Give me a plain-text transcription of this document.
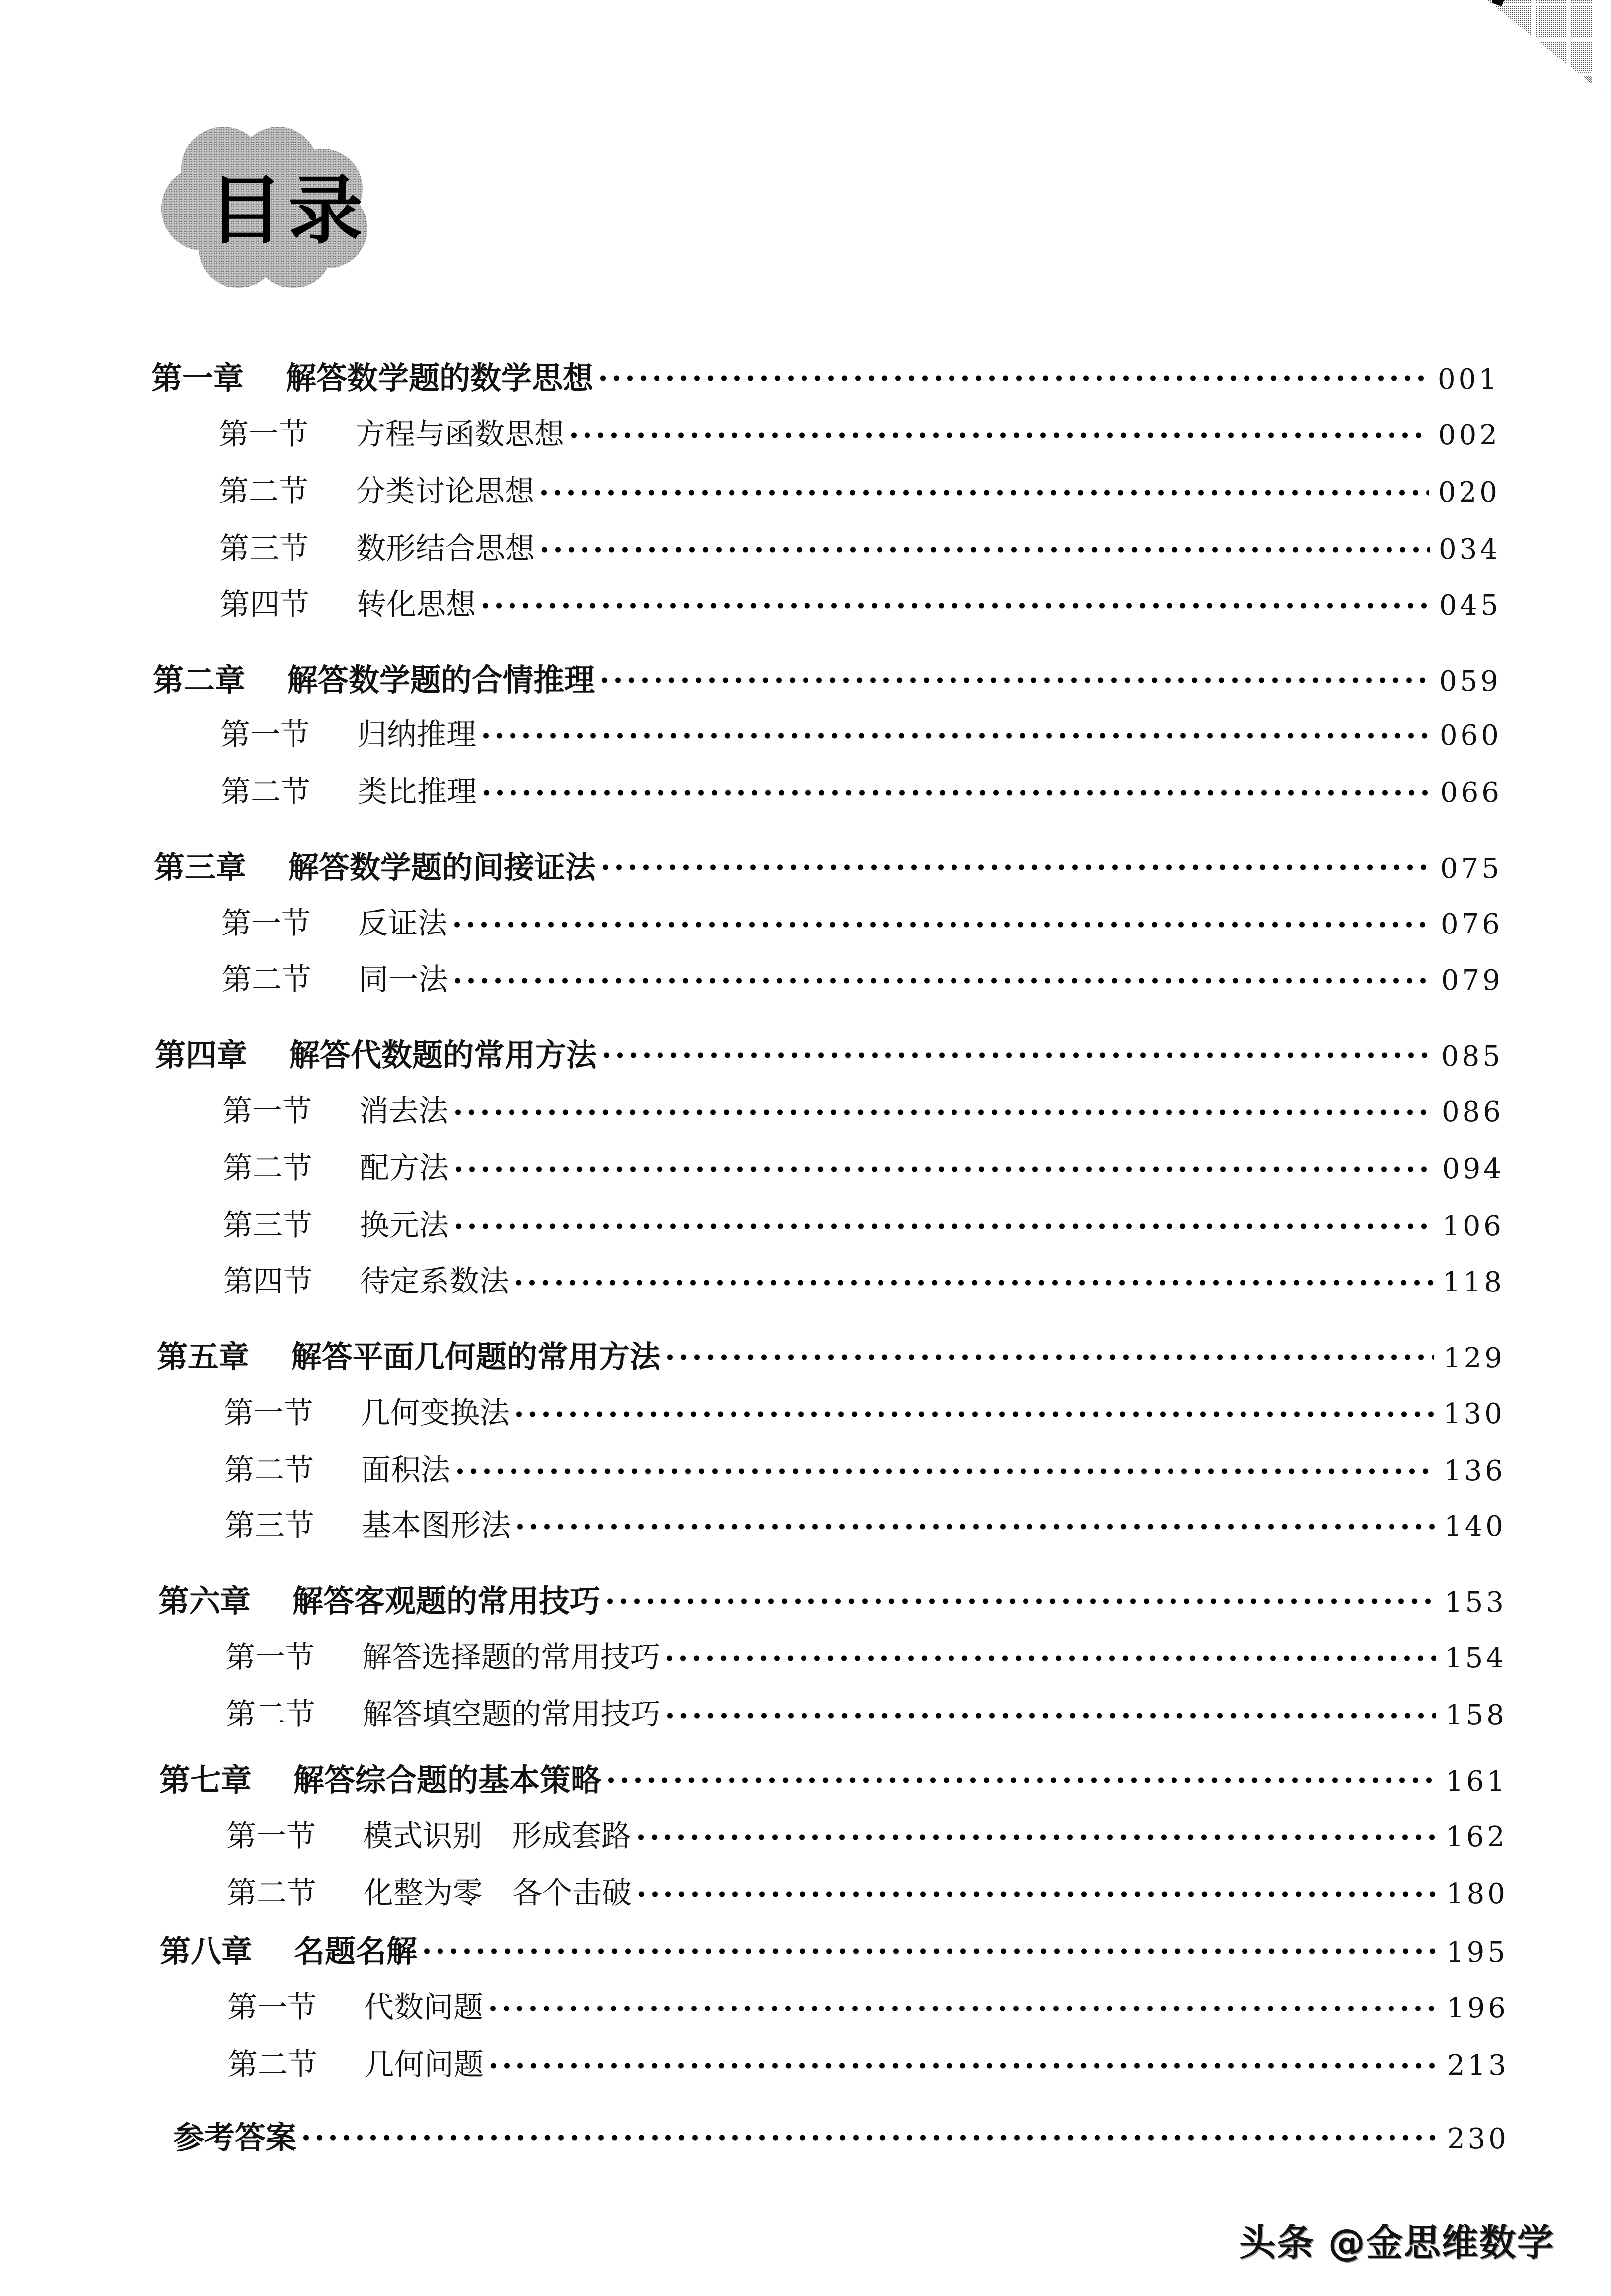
目录
第一章	解答数学题的数学思想	001
第一节	方程与函数思想	002
第二节	分类讨论思想	020
第三节	数形结合思想	034
第四节	转化思想	045
第二章	解答数学题的合情推理	059
第一节	归纳推理	060
第二节	类比推理	066
第三章	解答数学题的间接证法	075
第一节	反证法	076
第二节	同一法	079
第四章	解答代数题的常用方法	085
第一节	消去法	086
第二节	配方法	094
第三节	换元法	106
第四节	待定系数法	118
第五章	解答平面几何题的常用方法	129
第一节	几何变换法	130
第二节	面积法	136
第三节	基本图形法	140
第六章	解答客观题的常用技巧	153
第一节	解答选择题的常用技巧	154
第二节	解答填空题的常用技巧	158
第七章	解答综合题的基本策略	161
第一节	模式识别　形成套路	162
第二节	化整为零　各个击破	180
第八章	名题名解	195
第一节	代数问题	196
第二节	几何问题	213
参考答案	230
头条 @金思维数学
